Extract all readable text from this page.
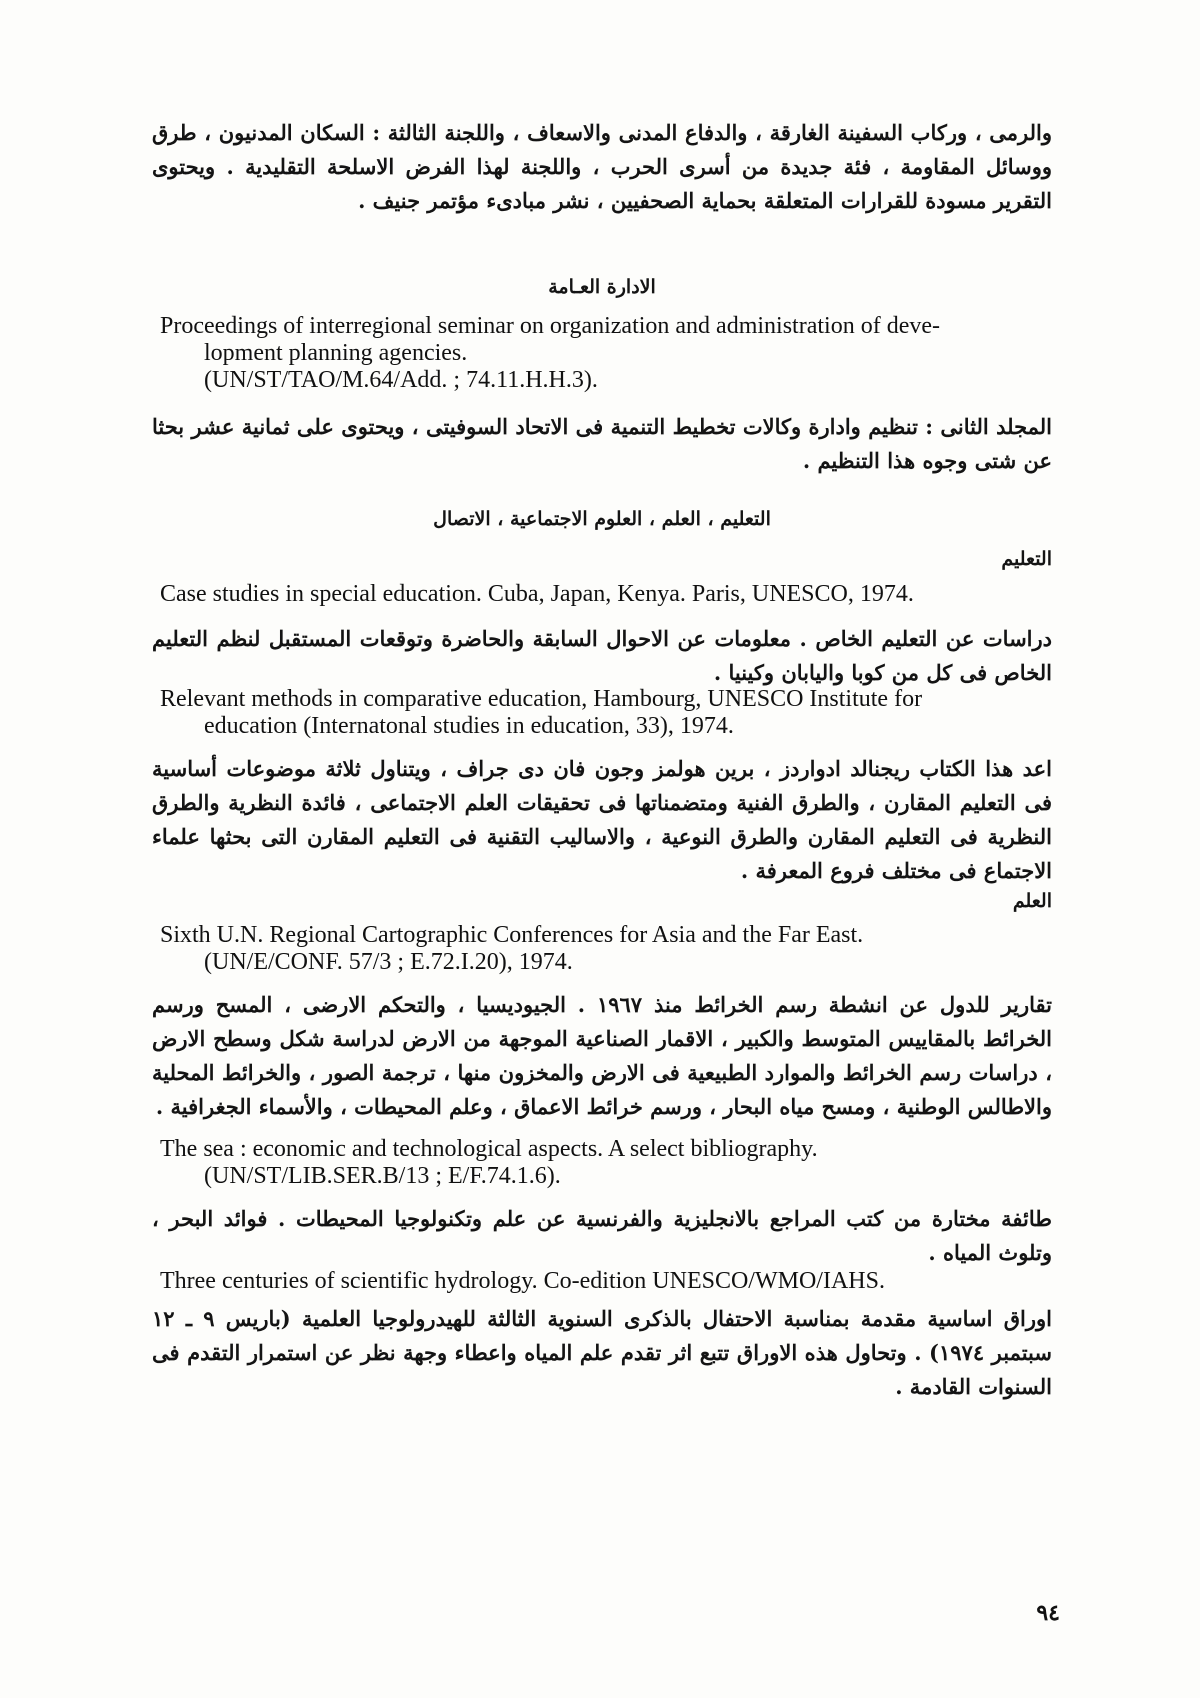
والرمى ، وركاب السفينة الغارقة ، والدفاع المدنى والاسعاف ، واللجنة الثالثة : السكان المدنيون ، طرق ووسائل المقاومة ، فئة جديدة من أسرى الحرب ، واللجنة لهذا الفرض الاسلحة التقليدية . ويحتوى التقرير مسودة للقرارات المتعلقة بحماية الصحفيين ، نشر مبادىء مؤتمر جنيف .
الادارة العـامة
Proceedings of interregional seminar on organization and administration of deve-
lopment planning agencies.
(UN/ST/TAO/M.64/Add. ; 74.11.H.H.3).
المجلد الثانى : تنظيم وادارة وكالات تخطيط التنمية فى الاتحاد السوفيتى ، ويحتوى على ثمانية عشر بحثا عن شتى وجوه هذا التنظيم .
التعليم ، العلم ، العلوم الاجتماعية ، الاتصال
التعليم
Case studies in special education. Cuba, Japan, Kenya. Paris, UNESCO, 1974.
دراسات عن التعليم الخاص . معلومات عن الاحوال السابقة والحاضرة وتوقعات المستقبل لنظم التعليم الخاص فى كل من كوبا واليابان وكينيا .
Relevant methods in comparative education, Hambourg, UNESCO Institute for
education (Internatonal studies in education, 33), 1974.
اعد هذا الكتاب ريجنالد ادواردز ، برين هولمز وجون فان دى جراف ، ويتناول ثلاثة موضوعات أساسية فى التعليم المقارن ، والطرق الفنية ومتضمناتها فى تحقيقات العلم الاجتماعى ، فائدة النظرية والطرق النظرية فى التعليم المقارن والطرق النوعية ، والاساليب التقنية فى التعليم المقارن التى بحثها علماء الاجتماع فى مختلف فروع المعرفة .
العلم
Sixth U.N. Regional Cartographic Conferences for Asia and the Far East.
(UN/E/CONF. 57/3 ; E.72.I.20), 1974.
تقارير للدول عن انشطة رسم الخرائط منذ ١٩٦٧ . الجيوديسيا ، والتحكم الارضى ، المسح ورسم الخرائط بالمقاييس المتوسط والكبير ، الاقمار الصناعية الموجهة من الارض لدراسة شكل وسطح الارض ، دراسات رسم الخرائط والموارد الطبيعية فى الارض والمخزون منها ، ترجمة الصور ، والخرائط المحلية والاطالس الوطنية ، ومسح مياه البحار ، ورسم خرائط الاعماق ، وعلم المحيطات ، والأسماء الجغرافية .
The sea : economic and technological aspects. A select bibliography.
(UN/ST/LIB.SER.B/13 ; E/F.74.1.6).
طائفة مختارة من كتب المراجع بالانجليزية والفرنسية عن علم وتكنولوجيا المحيطات . فوائد البحر ، وتلوث المياه .
Three centuries of scientific hydrology. Co-edition UNESCO/WMO/IAHS.
اوراق اساسية مقدمة بمناسبة الاحتفال بالذكرى السنوية الثالثة للهيدرولوجيا العلمية (باريس ٩ ـ ١٢ سبتمبر ١٩٧٤) . وتحاول هذه الاوراق تتبع اثر تقدم علم المياه واعطاء وجهة نظر عن استمرار التقدم فى السنوات القادمة .
٩٤
